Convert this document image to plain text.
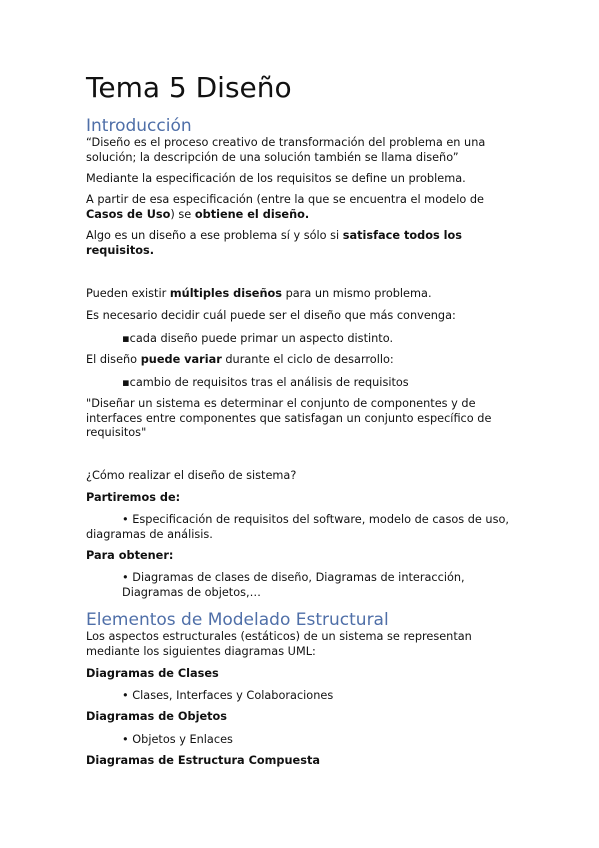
Tema 5 Diseño
Introducción

“Diseño es el proceso creativo de transformación del problema en una solución; la descripción de una solución también se llama diseño”

Mediante la especificación de los requisitos se define un problema.

A partir de esa especificación (entre la que se encuentra el modelo de Casos de Uso) se obtiene el diseño.

Algo es un diseño a ese problema sí y sólo si satisface todos los requisitos.

Pueden existir múltiples diseños para un mismo problema.

Es necesario decidir cuál puede ser el diseño que más convenga:

▪cada diseño puede primar un aspecto distinto.

El diseño puede variar durante el ciclo de desarrollo:

▪cambio de requisitos tras el análisis de requisitos

"Diseñar un sistema es determinar el conjunto de componentes y de interfaces entre componentes que satisfagan un conjunto específico de requisitos"

¿Cómo realizar el diseño de sistema?

Partiremos de:

• Especificación de requisitos del software, modelo de casos de uso, diagramas de análisis.

Para obtener:

• Diagramas de clases de diseño, Diagramas de interacción, Diagramas de objetos,…

Elementos de Modelado Estructural

Los aspectos estructurales (estáticos) de un sistema se representan mediante los siguientes diagramas UML:

Diagramas de Clases

• Clases, Interfaces y Colaboraciones

Diagramas de Objetos

• Objetos y Enlaces

Diagramas de Estructura Compuesta
